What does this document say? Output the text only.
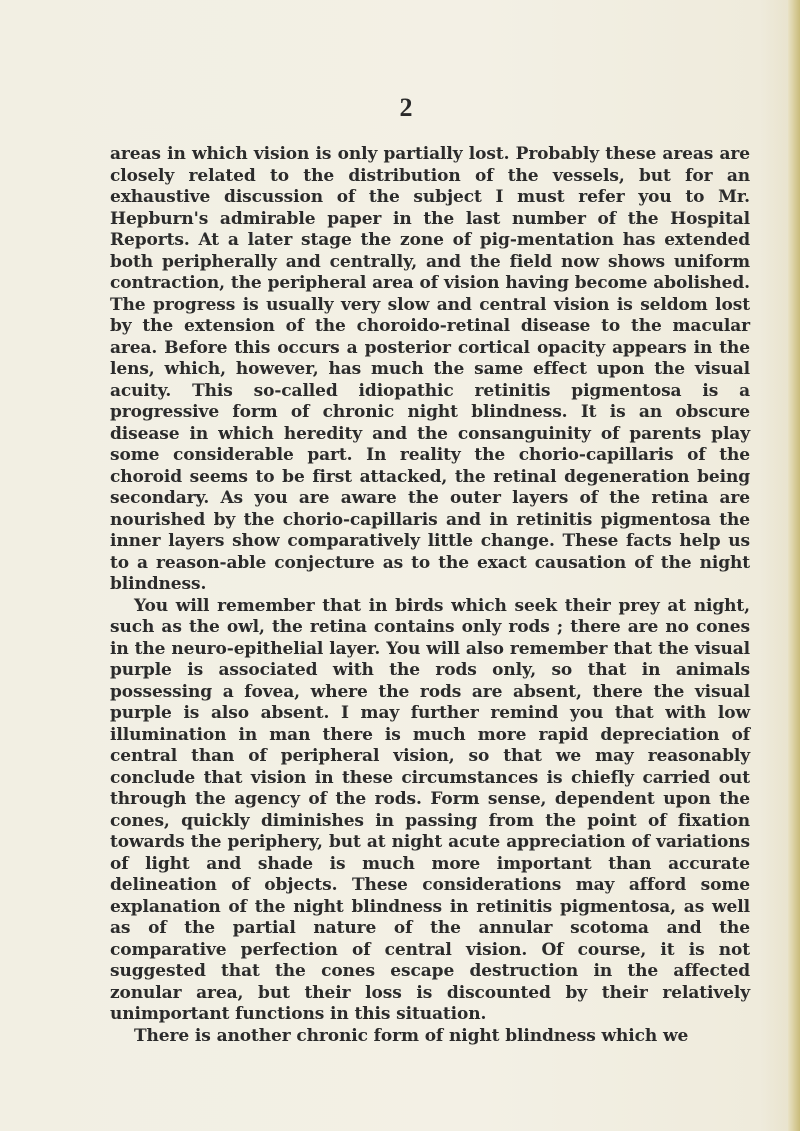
2

areas in which vision is only partially lost. Probably these areas are closely related to the distribution of the vessels, but for an exhaustive discussion of the subject I must refer you to Mr. Hepburn's admirable paper in the last number of the Hospital Reports. At a later stage the zone of pig-mentation has extended both peripherally and centrally, and the field now shows uniform contraction, the peripheral area of vision having become abolished. The progress is usually very slow and central vision is seldom lost by the extension of the choroido-retinal disease to the macular area. Before this occurs a posterior cortical opacity appears in the lens, which, however, has much the same effect upon the visual acuity. This so-called idiopathic retinitis pigmentosa is a progressive form of chronic night blindness. It is an obscure disease in which heredity and the consanguinity of parents play some considerable part. In reality the chorio-capillaris of the choroid seems to be first attacked, the retinal degeneration being secondary. As you are aware the outer layers of the retina are nourished by the chorio-capillaris and in retinitis pigmentosa the inner layers show comparatively little change. These facts help us to a reason-able conjecture as to the exact causation of the night blindness.

You will remember that in birds which seek their prey at night, such as the owl, the retina contains only rods ; there are no cones in the neuro-epithelial layer. You will also remember that the visual purple is associated with the rods only, so that in animals possessing a fovea, where the rods are absent, there the visual purple is also absent. I may further remind you that with low illumination in man there is much more rapid depreciation of central than of peripheral vision, so that we may reasonably conclude that vision in these circumstances is chiefly carried out through the agency of the rods. Form sense, dependent upon the cones, quickly diminishes in passing from the point of fixation towards the periphery, but at night acute appreciation of variations of light and shade is much more important than accurate delineation of objects. These considerations may afford some explanation of the night blindness in retinitis pigmentosa, as well as of the partial nature of the annular scotoma and the comparative perfection of central vision. Of course, it is not suggested that the cones escape destruction in the affected zonular area, but their loss is discounted by their relatively unimportant functions in this situation.

There is another chronic form of night blindness which we
